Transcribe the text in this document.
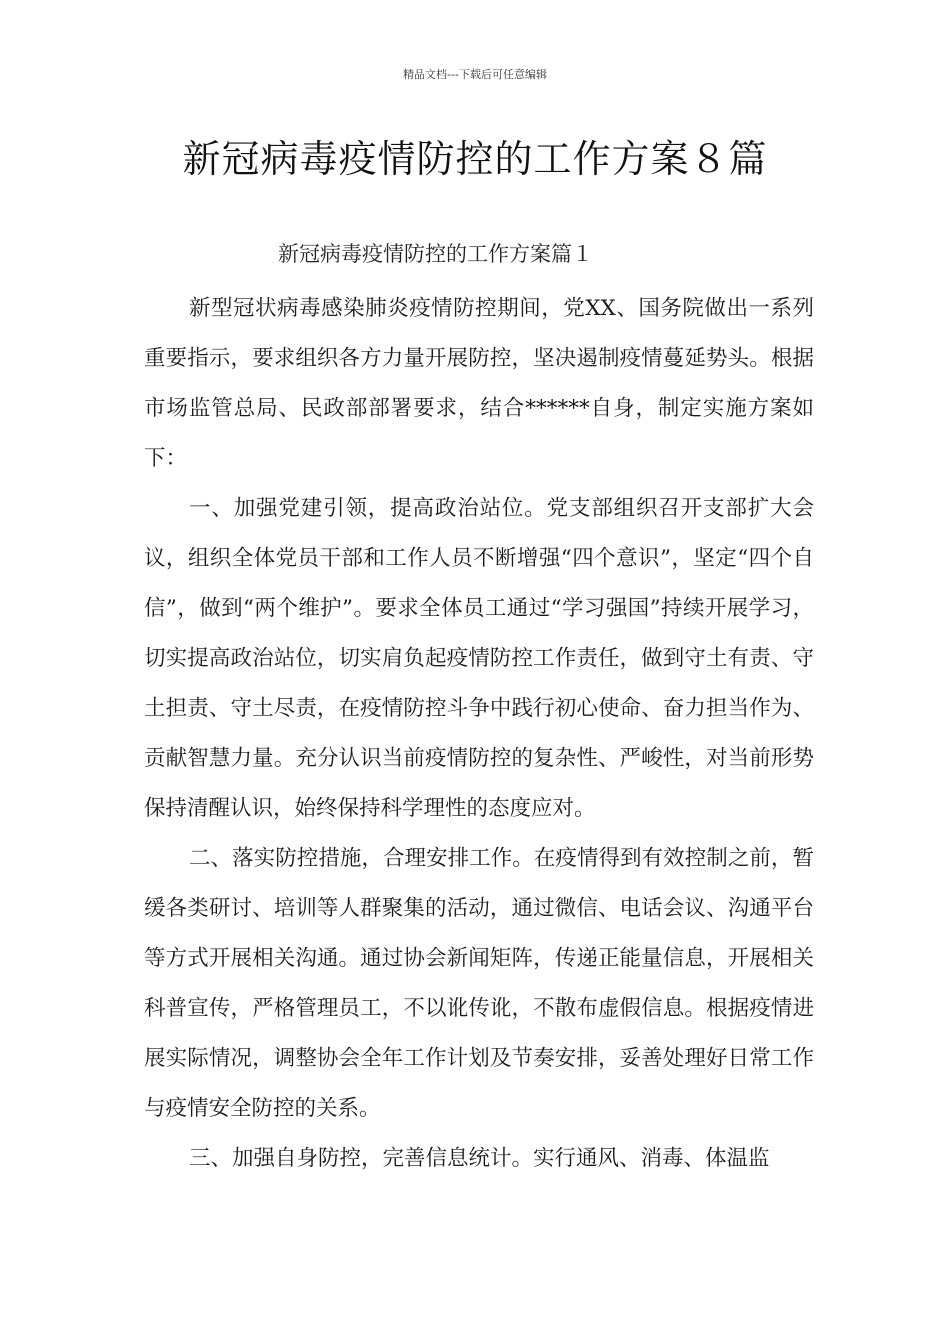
精品文档---下载后可任意编辑
新冠病毒疫情防控的工作方案８篇
新冠病毒疫情防控的工作方案篇１

新型冠状病毒感染肺炎疫情防控期间，党XX、国务院做出一系列重要指示，要求组织各方力量开展防控，坚决遏制疫情蔓延势头。根据市场监管总局、民政部部署要求，结合******自身，制定实施方案如下：

一、加强党建引领，提高政治站位。党支部组织召开支部扩大会议，组织全体党员干部和工作人员不断增强“四个意识”，坚定“四个自信”，做到“两个维护”。要求全体员工通过“学习强国”持续开展学习，切实提高政治站位，切实肩负起疫情防控工作责任，做到守土有责、守土担责、守土尽责，在疫情防控斗争中践行初心使命、奋力担当作为、贡献智慧力量。充分认识当前疫情防控的复杂性、严峻性，对当前形势保持清醒认识，始终保持科学理性的态度应对。

二、落实防控措施，合理安排工作。在疫情得到有效控制之前，暂缓各类研讨、培训等人群聚集的活动，通过微信、电话会议、沟通平台等方式开展相关沟通。通过协会新闻矩阵，传递正能量信息，开展相关科普宣传，严格管理员工，不以讹传讹，不散布虚假信息。根据疫情进展实际情况，调整协会全年工作计划及节奏安排，妥善处理好日常工作与疫情安全防控的关系。

三、加强自身防控，完善信息统计。实行通风、消毒、体温监
